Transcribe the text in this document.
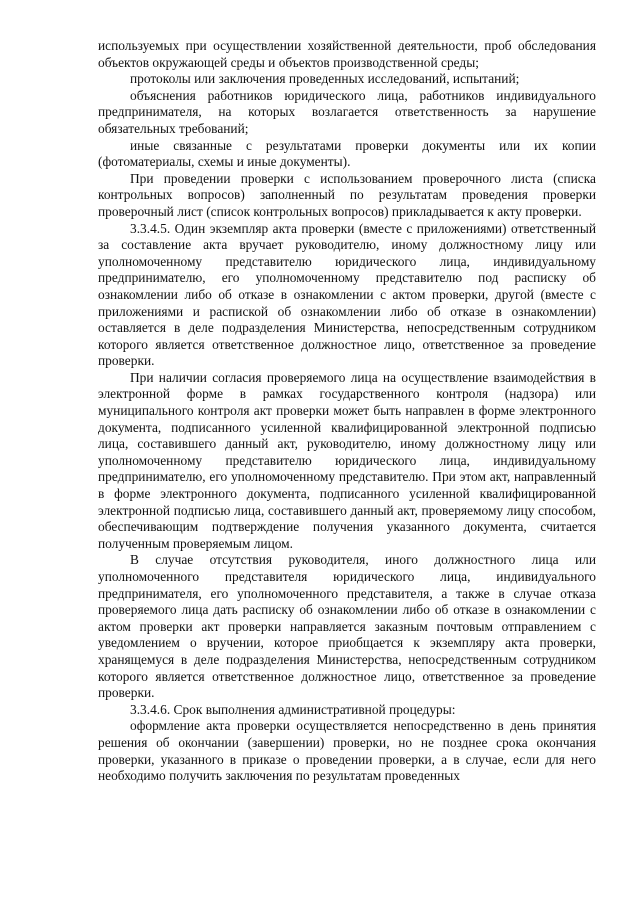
используемых при осуществлении хозяйственной деятельности, проб обследования объектов окружающей среды и объектов производственной среды;

протоколы или заключения проведенных исследований, испытаний;

объяснения работников юридического лица, работников индивидуального предпринимателя, на которых возлагается ответственность за нарушение обязательных требований;

иные связанные с результатами проверки документы или их копии (фотоматериалы, схемы и иные документы).

При проведении проверки с использованием проверочного листа (списка контрольных вопросов) заполненный по результатам проведения проверки проверочный лист (список контрольных вопросов) прикладывается к акту проверки.

3.3.4.5. Один экземпляр акта проверки (вместе с приложениями) ответственный за составление акта вручает руководителю, иному должностному лицу или уполномоченному представителю юридического лица, индивидуальному предпринимателю, его уполномоченному представителю под расписку об ознакомлении либо об отказе в ознакомлении с актом проверки, другой (вместе с приложениями и распиской об ознакомлении либо об отказе в ознакомлении) оставляется в деле подразделения Министерства, непосредственным сотрудником которого является ответственное должностное лицо, ответственное за проведение проверки.

При наличии согласия проверяемого лица на осуществление взаимодействия в электронной форме в рамках государственного контроля (надзора) или муниципального контроля акт проверки может быть направлен в форме электронного документа, подписанного усиленной квалифицированной электронной подписью лица, составившего данный акт, руководителю, иному должностному лицу или уполномоченному представителю юридического лица, индивидуальному предпринимателю, его уполномоченному представителю. При этом акт, направленный в форме электронного документа, подписанного усиленной квалифицированной электронной подписью лица, составившего данный акт, проверяемому лицу способом, обеспечивающим подтверждение получения указанного документа, считается полученным проверяемым лицом.

В случае отсутствия руководителя, иного должностного лица или уполномоченного представителя юридического лица, индивидуального предпринимателя, его уполномоченного представителя, а также в случае отказа проверяемого лица дать расписку об ознакомлении либо об отказе в ознакомлении с актом проверки акт проверки направляется заказным почтовым отправлением с уведомлением о вручении, которое приобщается к экземпляру акта проверки, хранящемуся в деле подразделения Министерства, непосредственным сотрудником которого является ответственное должностное лицо, ответственное за проведение проверки.

3.3.4.6. Срок выполнения административной процедуры:

оформление акта проверки осуществляется непосредственно в день принятия решения об окончании (завершении) проверки, но не позднее срока окончания проверки, указанного в приказе о проведении проверки, а в случае, если для него необходимо получить заключения по результатам проведенных
